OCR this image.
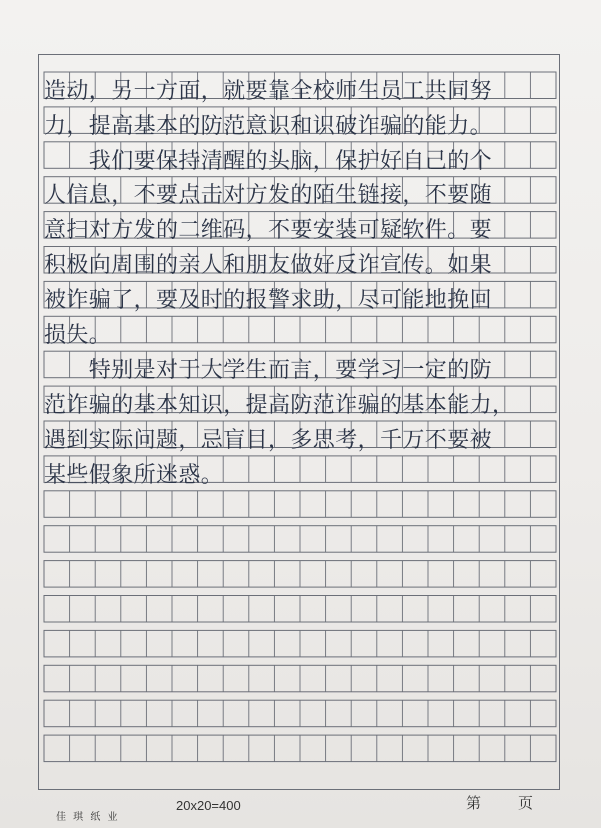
造动，另一方面，就要靠全校师生员工共同努
力，提高基本的防范意识和识破诈骗的能力。
　　我们要保持清醒的头脑，保护好自己的个
人信息，不要点击对方发的陌生链接，不要随
意扫对方发的二维码，不要安装可疑软件。要
积极向周围的亲人和朋友做好反诈宣传。如果
被诈骗了，要及时的报警求助，尽可能地挽回
损失。
　　特别是对于大学生而言，要学习一定的防
范诈骗的基本知识，提高防范诈骗的基本能力，
遇到实际问题，忌盲目，多思考，千万不要被
某些假象所迷惑。
佳 琪 纸 业
20x20=400	第 页
